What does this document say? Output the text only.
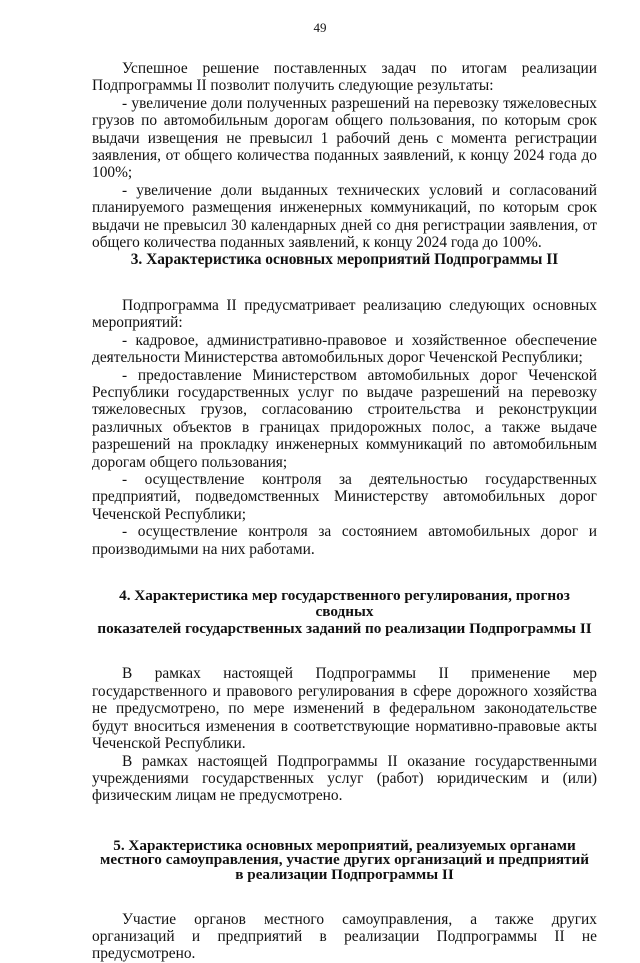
49

Успешное решение поставленных задач по итогам реализации Подпрограммы II позволит получить следующие результаты:

- увеличение доли полученных разрешений на перевозку тяжеловесных грузов по автомобильным дорогам общего пользования, по которым срок выдачи извещения не превысил 1 рабочий день с момента регистрации заявления, от общего количества поданных заявлений, к концу 2024 года до 100%;

- увеличение доли выданных технических условий и согласований планируемого размещения инженерных коммуникаций, по которым срок выдачи не превысил 30 календарных дней со дня регистрации заявления, от общего количества поданных заявлений, к концу 2024 года до 100%.

3. Характеристика основных мероприятий Подпрограммы II

Подпрограмма II предусматривает реализацию следующих основных мероприятий:

- кадровое, административно-правовое и хозяйственное обеспечение деятельности Министерства автомобильных дорог Чеченской Республики;

- предоставление Министерством автомобильных дорог Чеченской Республики государственных услуг по выдаче разрешений на перевозку тяжеловесных грузов, согласованию строительства и реконструкции различных объектов в границах придорожных полос, а также выдаче разрешений на прокладку инженерных коммуникаций по автомобильным дорогам общего пользования;

- осуществление контроля за деятельностью государственных предприятий, подведомственных Министерству автомобильных дорог Чеченской Республики;

- осуществление контроля за состоянием автомобильных дорог и производимыми на них работами.

4. Характеристика мер государственного регулирования, прогноз сводных
показателей государственных заданий по реализации Подпрограммы II

В рамках настоящей Подпрограммы II применение мер государственного и правового регулирования в сфере дорожного хозяйства не предусмотрено, по мере изменений в федеральном законодательстве будут вноситься изменения в соответствующие нормативно-правовые акты Чеченской Республики.

В рамках настоящей Подпрограммы II оказание государственными учреждениями государственных услуг (работ) юридическим и (или) физическим лицам не предусмотрено.

5. Характеристика основных мероприятий, реализуемых органами
местного самоуправления, участие других организаций и предприятий
в реализации Подпрограммы II

Участие органов местного самоуправления, а также других организаций и предприятий в реализации Подпрограммы II не предусмотрено.
